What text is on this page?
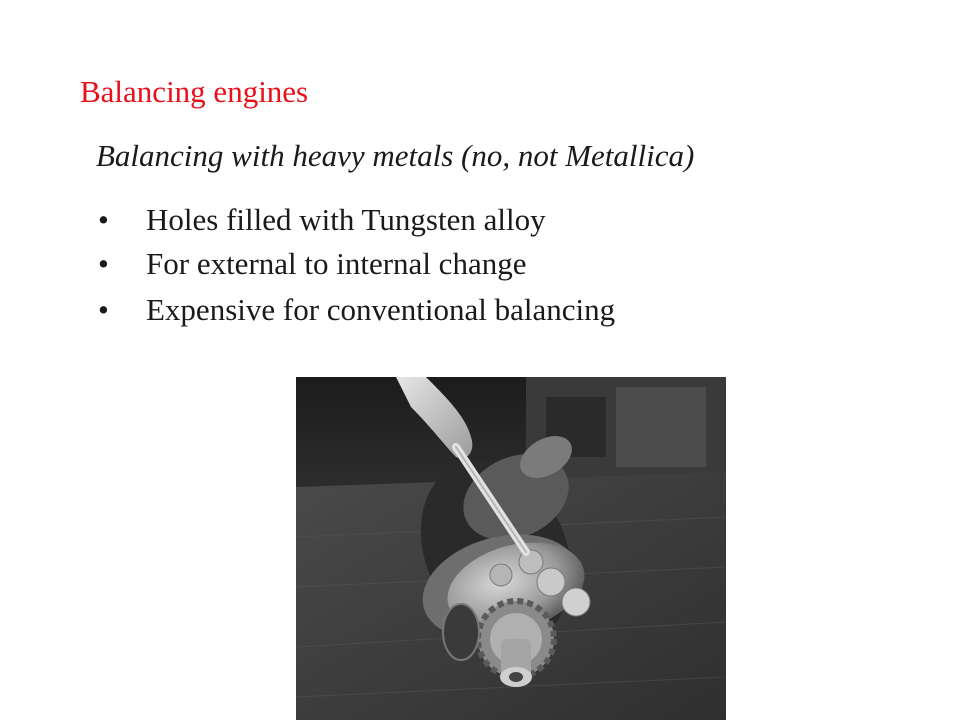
Balancing engines
Balancing with heavy metals (no, not Metallica)
• Holes filled with Tungsten alloy
• For external to internal change
• Expensive for conventional balancing
